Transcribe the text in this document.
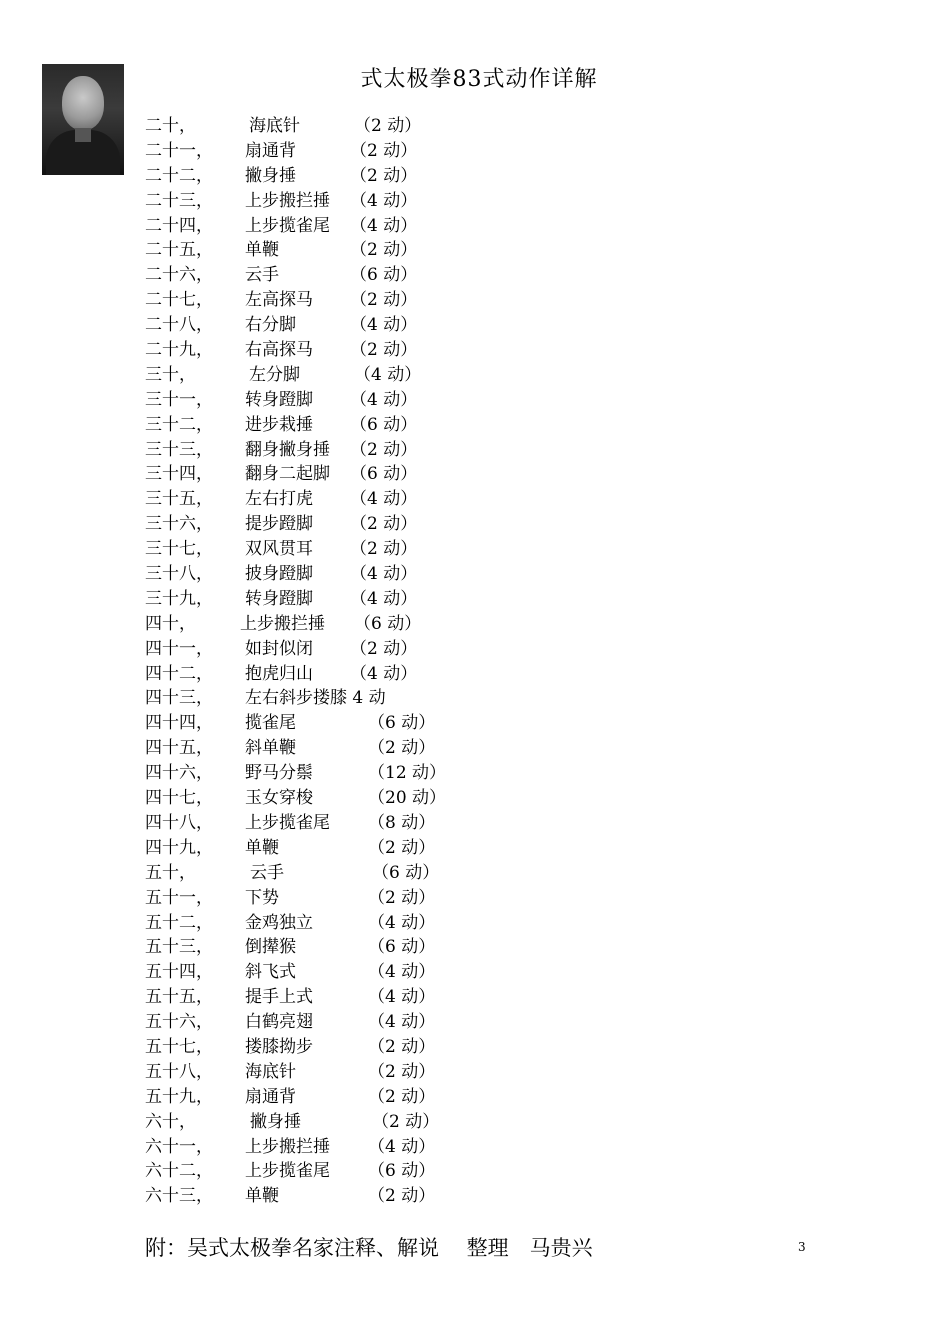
式太极拳83式动作详解
二十，	海底针	（2 动）
二十一， 扇通背	（2 动）
二十二， 撇身捶	（2 动）
二十三， 上步搬拦捶 （4 动）
二十四， 上步揽雀尾 （4 动）
二十五， 单鞭	（2 动）
二十六， 云手	（6 动）
二十七， 左高探马 （2 动）
二十八， 右分脚	（4 动）
二十九， 右高探马 （2 动）
三十，	左分脚	（4 动）
三十一， 转身蹬脚 （4 动）
三十二， 进步栽捶 （6 动）
三十三， 翻身撇身捶 （2 动）
三十四， 翻身二起脚 （6 动）
三十五， 左右打虎 （4 动）
三十六， 提步蹬脚 （2 动）
三十七， 双风贯耳 （2 动）
三十八， 披身蹬脚 （4 动）
三十九， 转身蹬脚 （4 动）
四十，	上步搬拦捶 （6 动）
四十一， 如封似闭 （2 动）
四十二， 抱虎归山 （4 动）
四十三， 左右斜步搂膝 4 动
四十四， 揽雀尾	（6 动）
四十五， 斜单鞭	（2 动）
四十六， 野马分鬃	（12 动）
四十七， 玉女穿梭	（20 动）
四十八， 上步揽雀尾 （8 动）
四十九， 单鞭	（2 动）
五十，	云手	（6 动）
五十一， 下势	（2 动）
五十二， 金鸡独立	（4 动）
五十三， 倒撵猴	（6 动）
五十四， 斜飞式	（4 动）
五十五， 提手上式	（4 动）
五十六， 白鹤亮翅	（4 动）
五十七， 搂膝拗步	（2 动）
五十八， 海底针	（2 动）
五十九， 扇通背	（2 动）
六十，	撇身捶	（2 动）
六十一， 上步搬拦捶 （4 动）
六十二， 上步揽雀尾 （6 动）
六十三， 单鞭	（2 动）
附：吴式太极拳名家注释、解说　 整理　马贵兴	3
